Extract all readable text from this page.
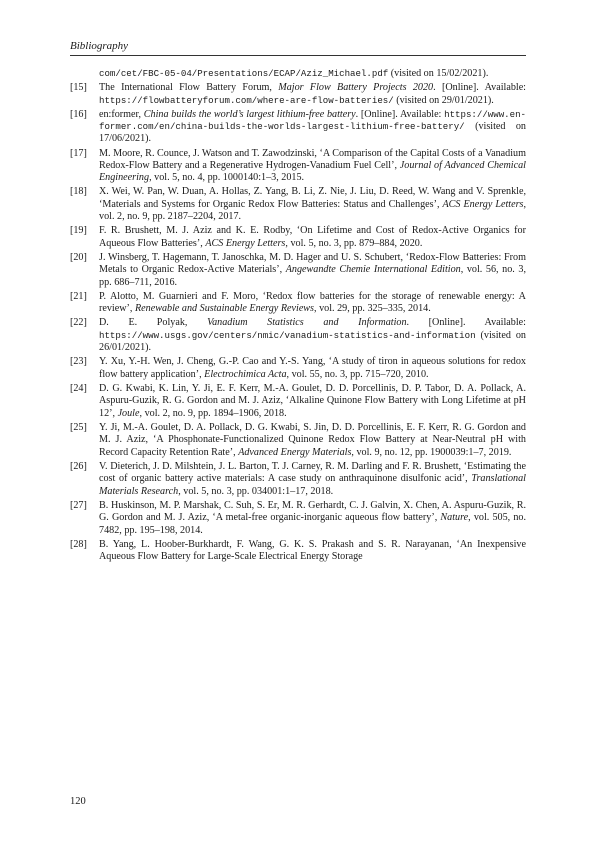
Bibliography
com/cet/FBC-05-04/Presentations/ECAP/Aziz_Michael.pdf (visited on 15/02/2021).
[15] The International Flow Battery Forum, Major Flow Battery Projects 2020. [Online]. Available: https://flowbatteryforum.com/where-are-flow-batteries/ (visited on 29/01/2021).
[16] en:former, China builds the world’s largest lithium-free battery. [Online]. Available: https://www.en-former.com/en/china-builds-the-worlds-largest-lithium-free-battery/ (visited on 17/06/2021).
[17] M. Moore, R. Counce, J. Watson and T. Zawodzinski, ‘A Comparison of the Capital Costs of a Vanadium Redox-Flow Battery and a Regenerative Hydrogen-Vanadium Fuel Cell’, Journal of Advanced Chemical Engineering, vol. 5, no. 4, pp. 1000140:1–3, 2015.
[18] X. Wei, W. Pan, W. Duan, A. Hollas, Z. Yang, B. Li, Z. Nie, J. Liu, D. Reed, W. Wang and V. Sprenkle, ‘Materials and Systems for Organic Redox Flow Batteries: Status and Challenges’, ACS Energy Letters, vol. 2, no. 9, pp. 2187–2204, 2017.
[19] F. R. Brushett, M. J. Aziz and K. E. Rodby, ‘On Lifetime and Cost of Redox-Active Organics for Aqueous Flow Batteries’, ACS Energy Letters, vol. 5, no. 3, pp. 879–884, 2020.
[20] J. Winsberg, T. Hagemann, T. Janoschka, M. D. Hager and U. S. Schubert, ‘Redox-Flow Batteries: From Metals to Organic Redox-Active Materials’, Angewandte Chemie International Edition, vol. 56, no. 3, pp. 686–711, 2016.
[21] P. Alotto, M. Guarnieri and F. Moro, ‘Redox flow batteries for the storage of renewable energy: A review’, Renewable and Sustainable Energy Reviews, vol. 29, pp. 325–335, 2014.
[22] D. E. Polyak, Vanadium Statistics and Information. [Online]. Available: https://www.usgs.gov/centers/nmic/vanadium-statistics-and-information (visited on 26/01/2021).
[23] Y. Xu, Y.-H. Wen, J. Cheng, G.-P. Cao and Y.-S. Yang, ‘A study of tiron in aqueous solutions for redox flow battery application’, Electrochimica Acta, vol. 55, no. 3, pp. 715–720, 2010.
[24] D. G. Kwabi, K. Lin, Y. Ji, E. F. Kerr, M.-A. Goulet, D. D. Porcellinis, D. P. Tabor, D. A. Pollack, A. Aspuru-Guzik, R. G. Gordon and M. J. Aziz, ‘Alkaline Quinone Flow Battery with Long Lifetime at pH 12’, Joule, vol. 2, no. 9, pp. 1894–1906, 2018.
[25] Y. Ji, M.-A. Goulet, D. A. Pollack, D. G. Kwabi, S. Jin, D. D. Porcellinis, E. F. Kerr, R. G. Gordon and M. J. Aziz, ‘A Phosphonate-Functionalized Quinone Redox Flow Battery at Near-Neutral pH with Record Capacity Retention Rate’, Advanced Energy Materials, vol. 9, no. 12, pp. 1900039:1–7, 2019.
[26] V. Dieterich, J. D. Milshtein, J. L. Barton, T. J. Carney, R. M. Darling and F. R. Brushett, ‘Estimating the cost of organic battery active materials: A case study on anthraquinone disulfonic acid’, Translational Materials Research, vol. 5, no. 3, pp. 034001:1–17, 2018.
[27] B. Huskinson, M. P. Marshak, C. Suh, S. Er, M. R. Gerhardt, C. J. Galvin, X. Chen, A. Aspuru-Guzik, R. G. Gordon and M. J. Aziz, ‘A metal-free organic-inorganic aqueous flow battery’, Nature, vol. 505, no. 7482, pp. 195–198, 2014.
[28] B. Yang, L. Hoober-Burkhardt, F. Wang, G. K. S. Prakash and S. R. Narayanan, ‘An Inexpensive Aqueous Flow Battery for Large-Scale Electrical Energy Storage
120
